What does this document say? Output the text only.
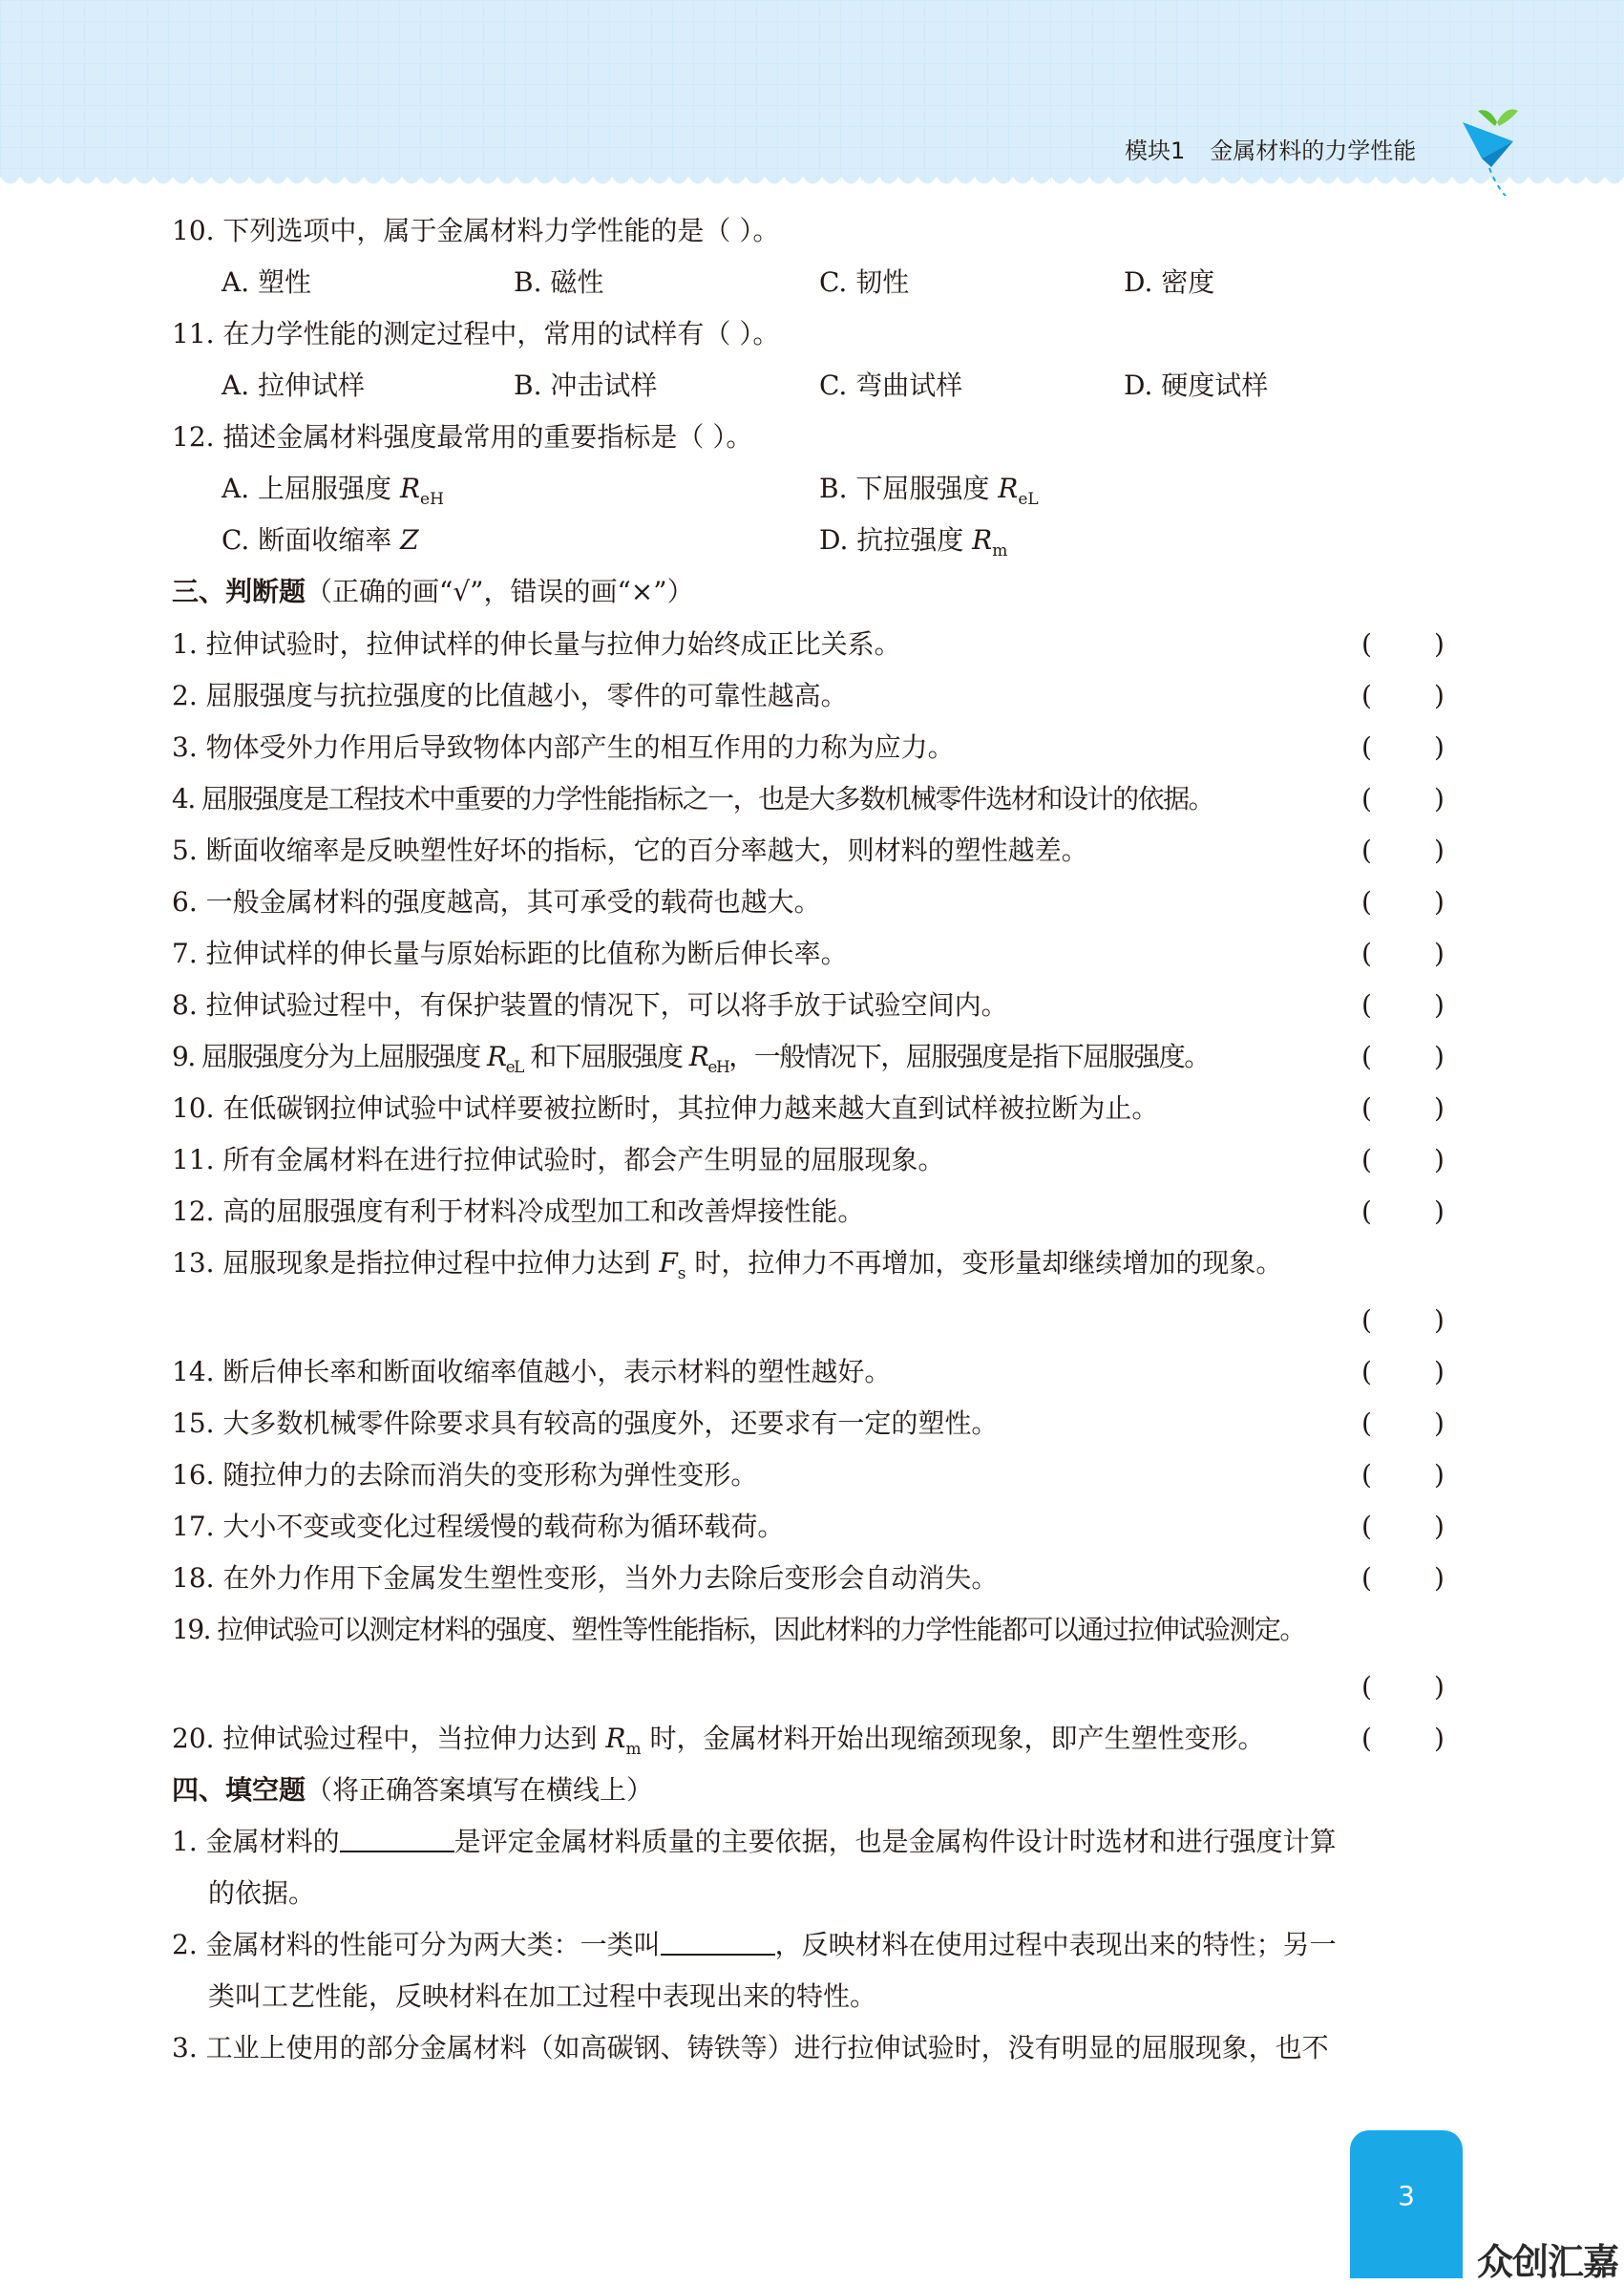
模块1 金属材料的力学性能
10. 下列选项中，属于金属材料力学性能的是（ ）。
A. 塑性	B. 磁性	C. 韧性	D. 密度
11. 在力学性能的测定过程中，常用的试样有（ ）。
A. 拉伸试样	B. 冲击试样	C. 弯曲试样	D. 硬度试样
12. 描述金属材料强度最常用的重要指标是（ ）。
A. 上屈服强度 $R_{eH}$	B. 下屈服强度 $R_{eL}$
C. 断面收缩率 Z	D. 抗拉强度 $R_m$
三、判断题（正确的画“√”，错误的画“×”）
1. 拉伸试验时，拉伸试样的伸长量与拉伸力始终成正比关系。	( )
2. 屈服强度与抗拉强度的比值越小，零件的可靠性越高。	( )
3. 物体受外力作用后导致物体内部产生的相互作用的力称为应力。	( )
4. 屈服强度是工程技术中重要的力学性能指标之一，也是大多数机械零件选材和设计的依据。	( )
5. 断面收缩率是反映塑性好坏的指标，它的百分率越大，则材料的塑性越差。	( )
6. 一般金属材料的强度越高，其可承受的载荷也越大。	( )
7. 拉伸试样的伸长量与原始标距的比值称为断后伸长率。	( )
8. 拉伸试验过程中，有保护装置的情况下，可以将手放于试验空间内。	( )
9. 屈服强度分为上屈服强度 $R_{eL}$ 和下屈服强度 $R_{eH}$，一般情况下，屈服强度是指下屈服强度。	( )
10. 在低碳钢拉伸试验中试样要被拉断时，其拉伸力越来越大直到试样被拉断为止。	( )
11. 所有金属材料在进行拉伸试验时，都会产生明显的屈服现象。	( )
12. 高的屈服强度有利于材料冷成型加工和改善焊接性能。	( )
13. 屈服现象是指拉伸过程中拉伸力达到 $F_s$ 时，拉伸力不再增加，变形量却继续增加的现象。
( )
14. 断后伸长率和断面收缩率值越小，表示材料的塑性越好。	( )
15. 大多数机械零件除要求具有较高的强度外，还要求有一定的塑性。	( )
16. 随拉伸力的去除而消失的变形称为弹性变形。	( )
17. 大小不变或变化过程缓慢的载荷称为循环载荷。	( )
18. 在外力作用下金属发生塑性变形，当外力去除后变形会自动消失。	( )
19. 拉伸试验可以测定材料的强度、塑性等性能指标，因此材料的力学性能都可以通过拉伸试验测定。
( )
20. 拉伸试验过程中，当拉伸力达到 $R_m$ 时，金属材料开始出现缩颈现象，即产生塑性变形。	( )
四、填空题（将正确答案填写在横线上）
1. 金属材料的	是评定金属材料质量的主要依据，也是金属构件设计时选材和进行强度计算
的依据。
2. 金属材料的性能可分为两大类：一类叫	，反映材料在使用过程中表现出来的特性；另一
类叫工艺性能，反映材料在加工过程中表现出来的特性。
3. 工业上使用的部分金属材料（如高碳钢、铸铁等）进行拉伸试验时，没有明显的屈服现象，也不
3
众创汇嘉
